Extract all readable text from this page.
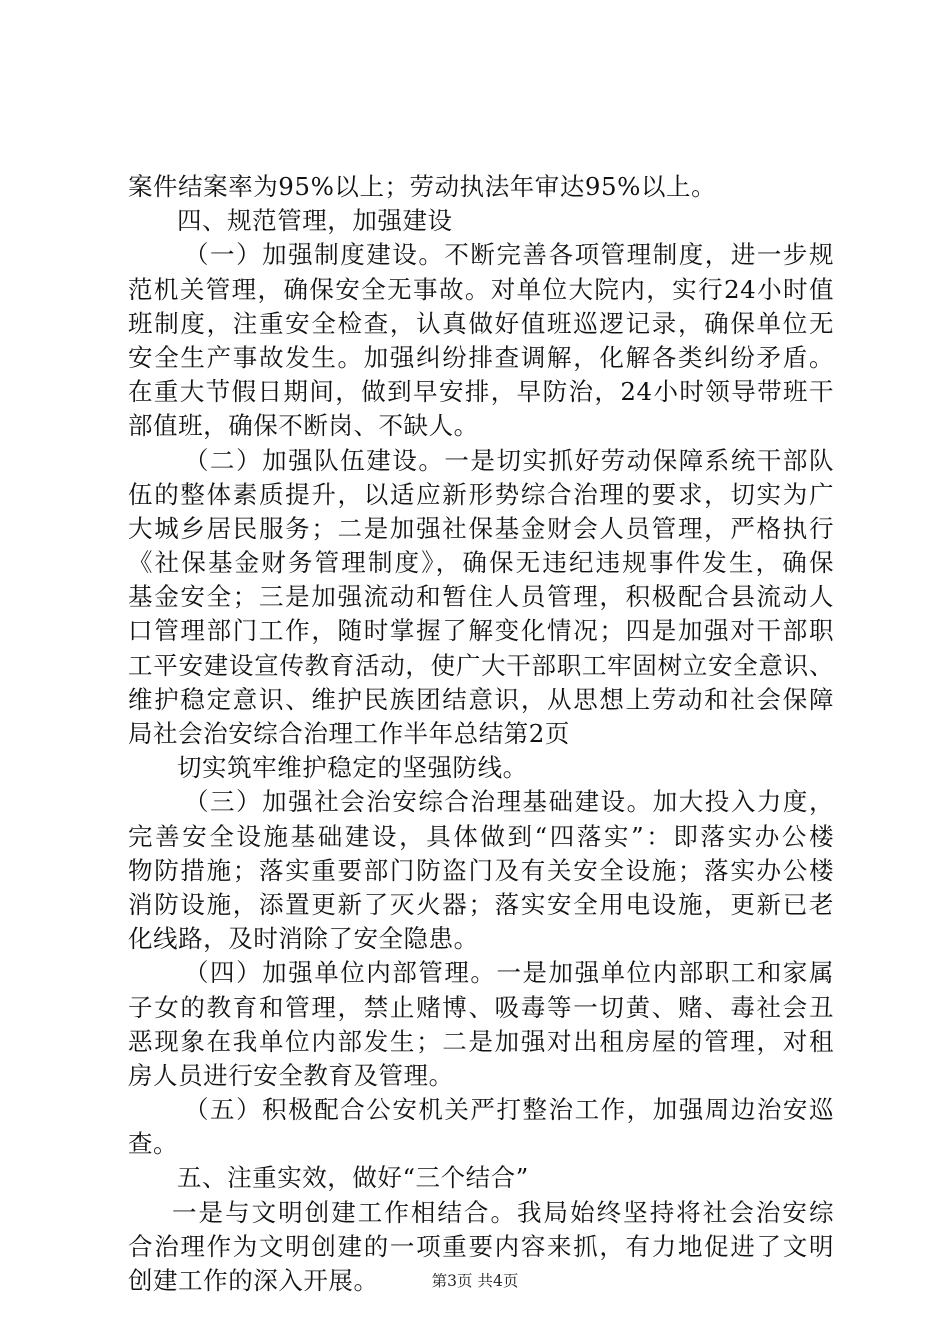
案件结案率为95%以上；劳动执法年审达95%以上。
四、规范管理，加强建设
（一）加强制度建设。不断完善各项管理制度，进一步规
范机关管理，确保安全无事故。对单位大院内，实行24小时值
班制度，注重安全检查，认真做好值班巡逻记录，确保单位无
安全生产事故发生。加强纠纷排查调解，化解各类纠纷矛盾。
在重大节假日期间，做到早安排，早防治，24小时领导带班干
部值班，确保不断岗、不缺人。
（二）加强队伍建设。一是切实抓好劳动保障系统干部队
伍的整体素质提升，以适应新形势综合治理的要求，切实为广
大城乡居民服务；二是加强社保基金财会人员管理，严格执行
《社保基金财务管理制度》，确保无违纪违规事件发生，确保
基金安全；三是加强流动和暂住人员管理，积极配合县流动人
口管理部门工作，随时掌握了解变化情况；四是加强对干部职
工平安建设宣传教育活动，使广大干部职工牢固树立安全意识、
维护稳定意识、维护民族团结意识，从思想上劳动和社会保障
局社会治安综合治理工作半年总结第2页
切实筑牢维护稳定的坚强防线。
（三）加强社会治安综合治理基础建设。加大投入力度，
完善安全设施基础建设，具体做到“四落实”：即落实办公楼
物防措施；落实重要部门防盗门及有关安全设施；落实办公楼
消防设施，添置更新了灭火器；落实安全用电设施，更新已老
化线路，及时消除了安全隐患。
（四）加强单位内部管理。一是加强单位内部职工和家属
子女的教育和管理，禁止赌博、吸毒等一切黄、赌、毒社会丑
恶现象在我单位内部发生；二是加强对出租房屋的管理，对租
房人员进行安全教育及管理。
（五）积极配合公安机关严打整治工作，加强周边治安巡
查。
五、注重实效，做好“三个结合”
一是与文明创建工作相结合。我局始终坚持将社会治安综
合治理作为文明创建的一项重要内容来抓，有力地促进了文明
创建工作的深入开展。	第3页 共4页
